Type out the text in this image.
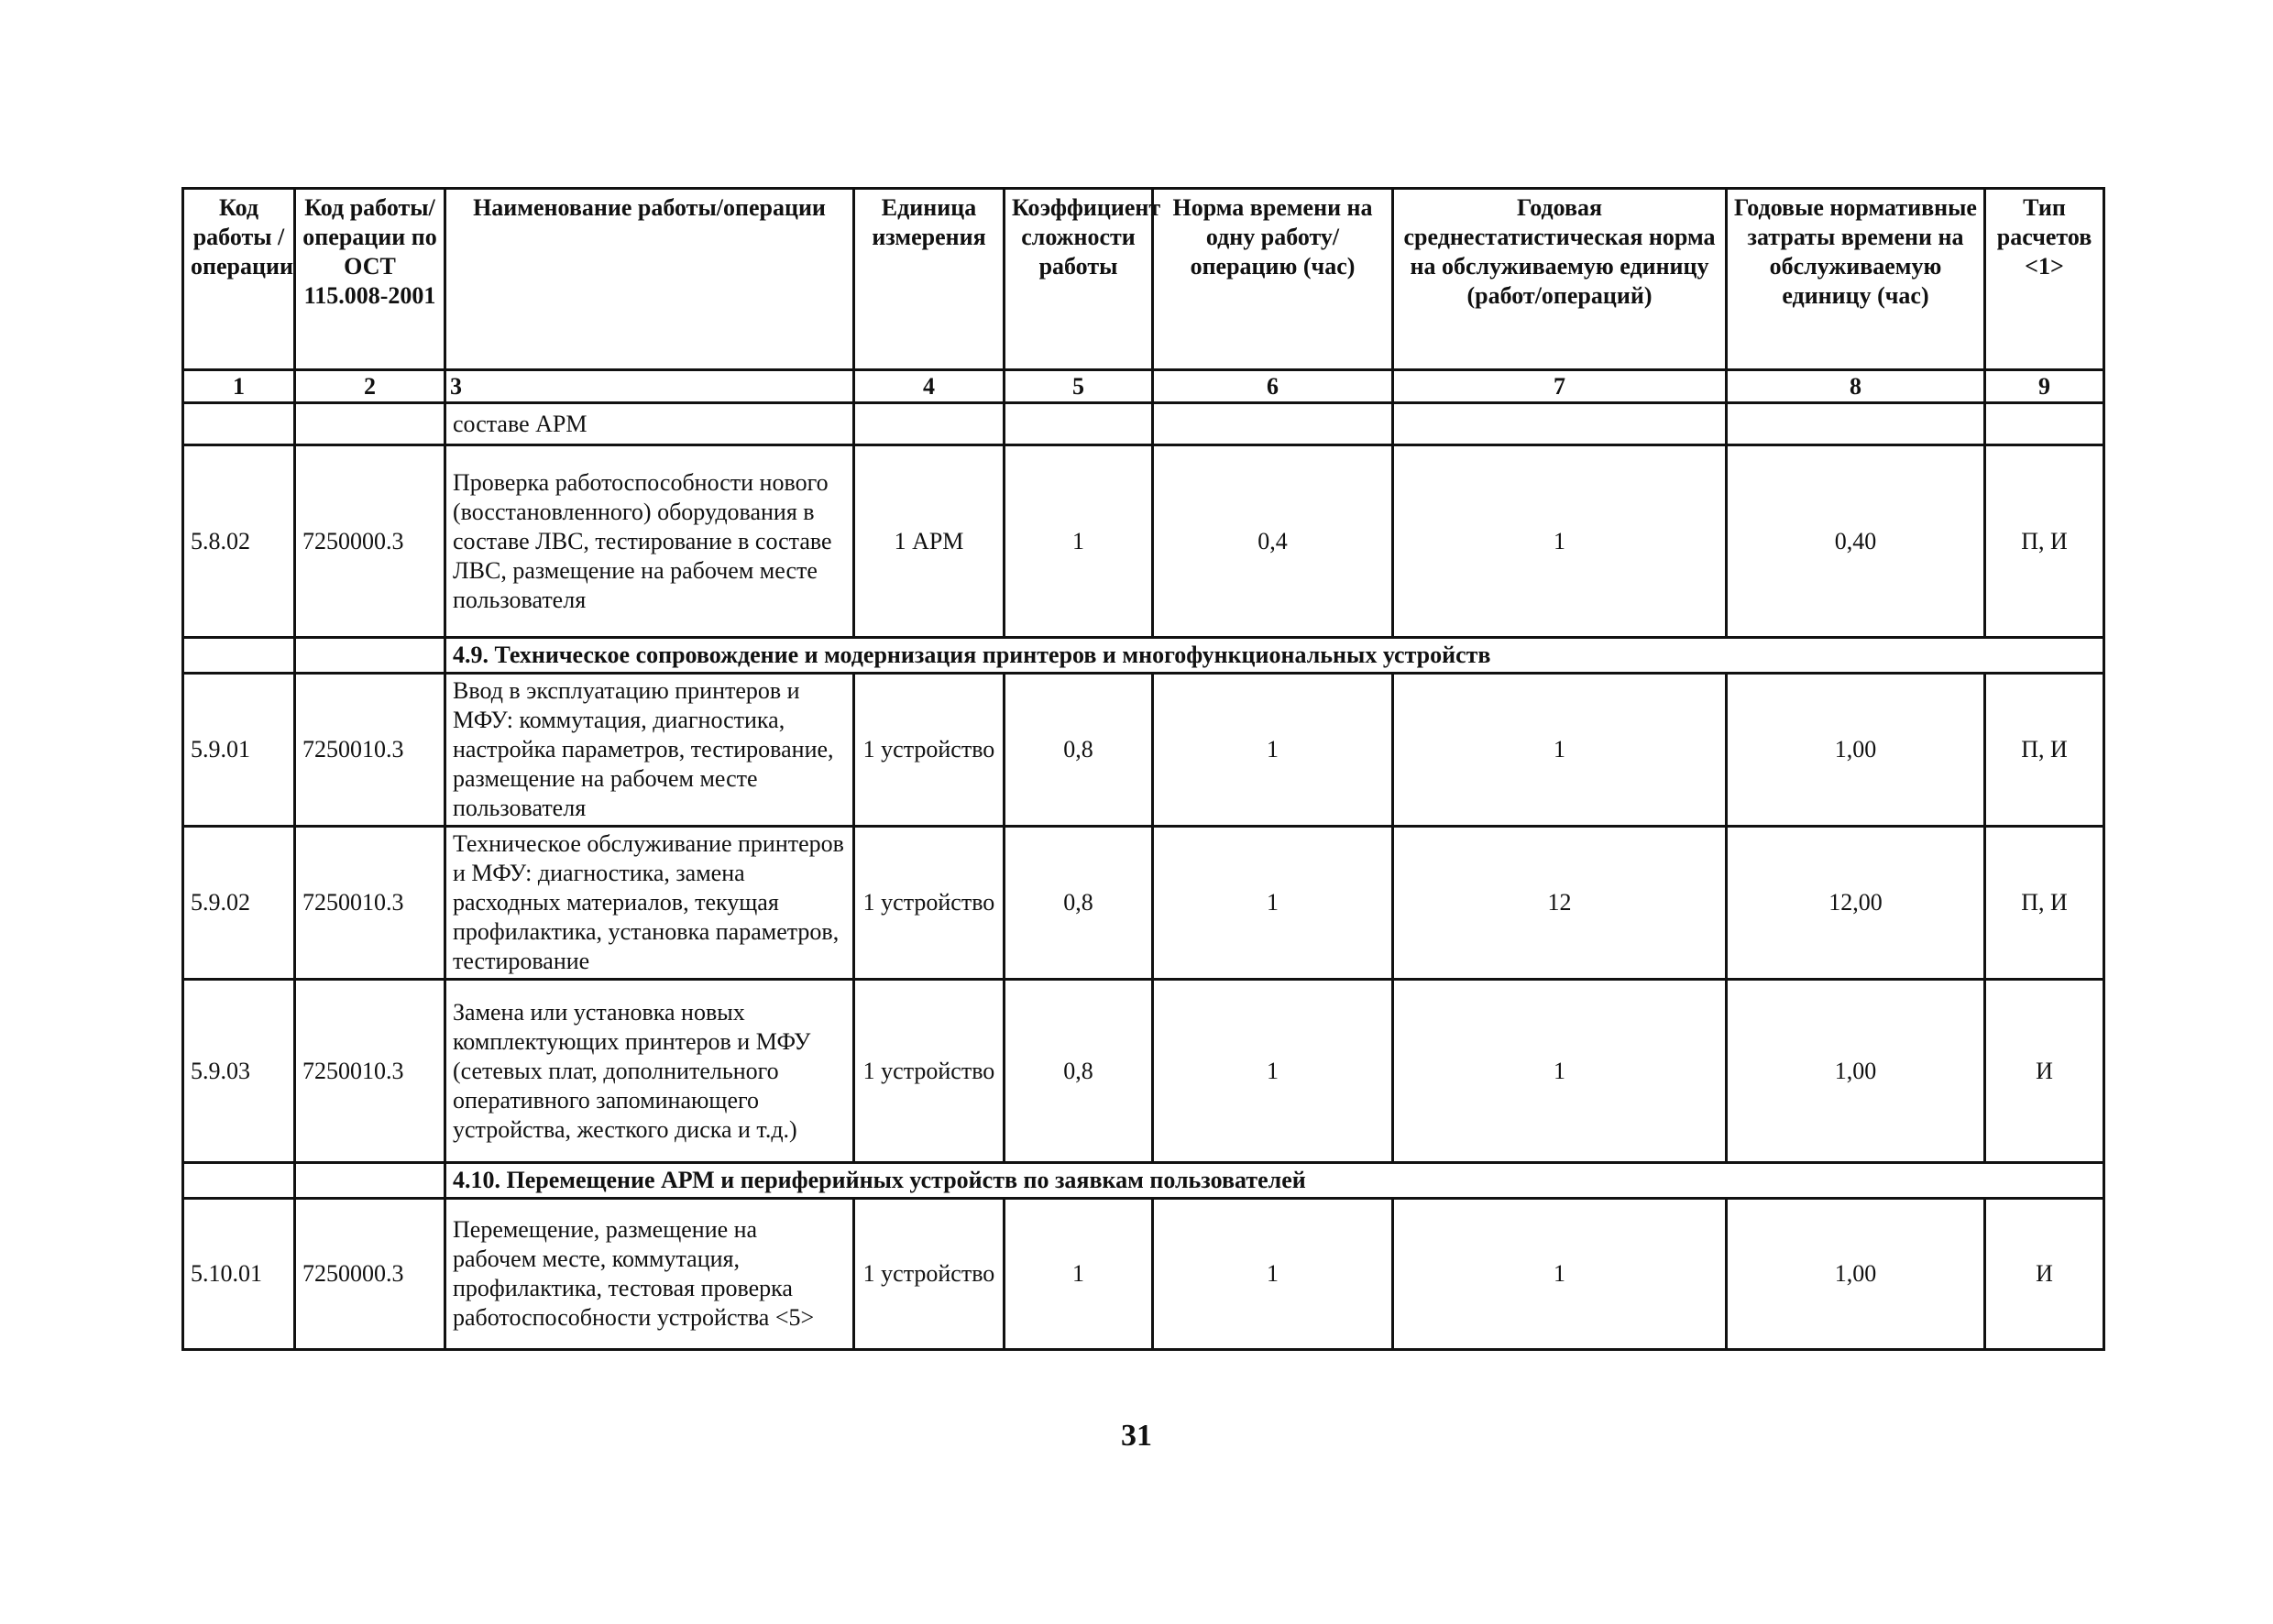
Код работы /операции	Код работы/операции по ОСТ 115.008-2001	Наименование работы/операции	Единица измерения	Коэффициент сложности работы	Норма времени на одну работу/операцию (час)	Годовая среднестатистическая норма на обслуживаемую единицу (работ/операций)	Годовые нормативные затраты времени на обслуживаемую единицу (час)	Тип расчетов <1>
1	2	3	4	5	6	7	8	9
		составе АРМ						
5.8.02	7250000.3	Проверка работоспособности нового (восстановленного) оборудования в составе ЛВС, тестирование в составе ЛВС, размещение на рабочем месте пользователя	1 АРМ	1	0,4	1	0,40	П, И
		4.9. Техническое сопровождение и модернизация принтеров и многофункциональных устройств						
5.9.01	7250010.3	Ввод в эксплуатацию принтеров и МФУ: коммутация, диагностика, настройка параметров, тестирование, размещение на рабочем месте пользователя	1 устройство	0,8	1	1	1,00	П, И
5.9.02	7250010.3	Техническое обслуживание принтеров и МФУ: диагностика, замена расходных материалов, текущая профилактика, установка параметров, тестирование	1 устройство	0,8	1	12	12,00	П, И
5.9.03	7250010.3	Замена или установка новых комплектующих принтеров и МФУ (сетевых плат, дополнительного оперативного запоминающего устройства, жесткого диска и т.д.)	1 устройство	0,8	1	1	1,00	И
		4.10. Перемещение АРМ и периферийных устройств по заявкам пользователей						
5.10.01	7250000.3	Перемещение, размещение на рабочем месте, коммутация, профилактика, тестовая проверка работоспособности устройства <5>	1 устройство	1	1	1	1,00	И
31
